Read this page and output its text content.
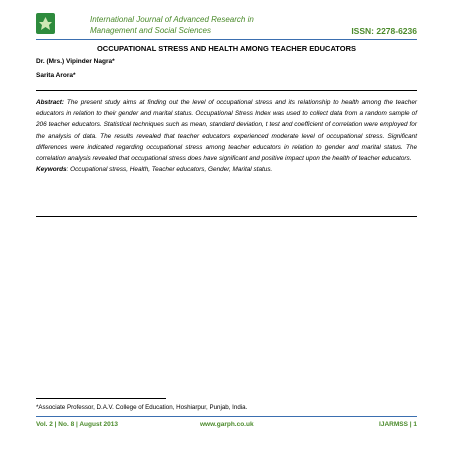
International Journal of Advanced Research in Management and Social Sciences	ISSN: 2278-6236
OCCUPATIONAL STRESS AND HEALTH AMONG TEACHER EDUCATORS
Dr. (Mrs.) Vipinder Nagra*
Sarita Arora*
Abstract: The present study aims at finding out the level of occupational stress and its relationship to health among the teacher educators in relation to their gender and marital status. Occupational Stress Index was used to collect data from a random sample of 206 teacher educators. Statistical techniques such as mean, standard deviation, t test and coefficient of correlation were employed for the analysis of data. The results revealed that teacher educators experienced moderate level of occupational stress. Significant differences were indicated regarding occupational stress among teacher educators in relation to gender and marital status. The correlation analysis revealed that occupational stress does have significant and positive impact upon the health of teacher educators.
Keywords: Occupational stress, Health, Teacher educators, Gender, Marital status.
*Associate Professor, D.A.V. College of Education, Hoshiarpur, Punjab, India.
Vol. 2 | No. 8 | August 2013	www.garph.co.uk	IJARMSS | 1
